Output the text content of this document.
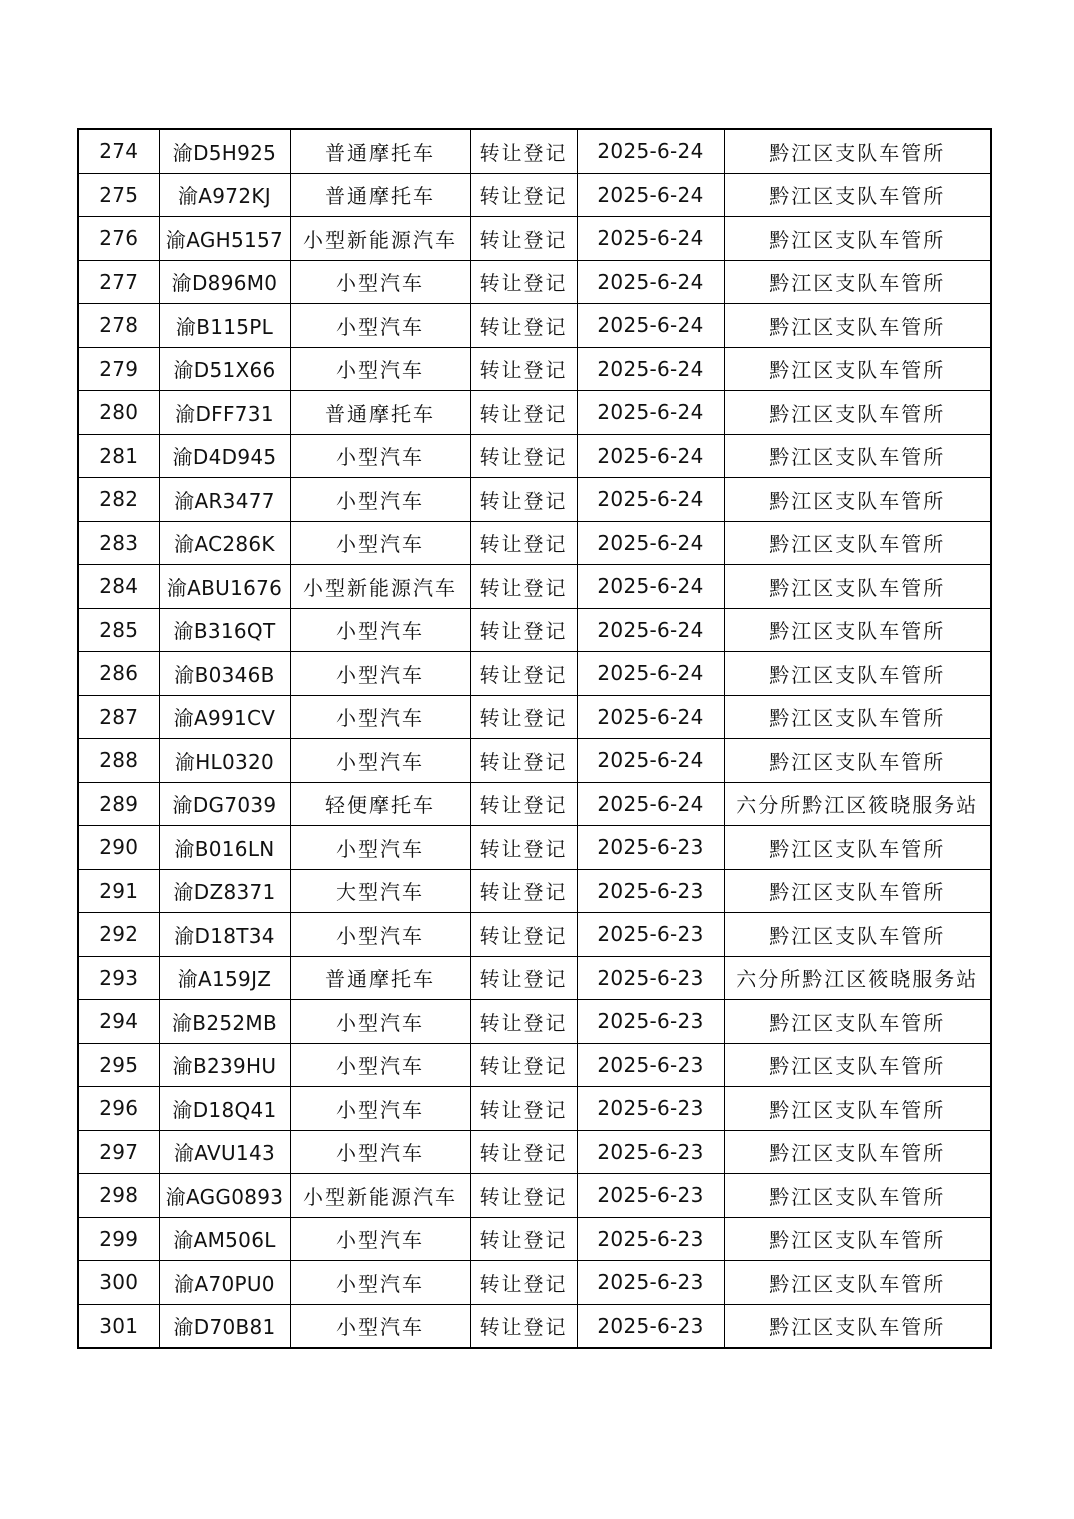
274	渝D5H925	普通摩托车	转让登记	2025-6-24	黔江区支队车管所
275	渝A972KJ	普通摩托车	转让登记	2025-6-24	黔江区支队车管所
276	渝AGH5157	小型新能源汽车	转让登记	2025-6-24	黔江区支队车管所
277	渝D896M0	小型汽车	转让登记	2025-6-24	黔江区支队车管所
278	渝B115PL	小型汽车	转让登记	2025-6-24	黔江区支队车管所
279	渝D51X66	小型汽车	转让登记	2025-6-24	黔江区支队车管所
280	渝DFF731	普通摩托车	转让登记	2025-6-24	黔江区支队车管所
281	渝D4D945	小型汽车	转让登记	2025-6-24	黔江区支队车管所
282	渝AR3477	小型汽车	转让登记	2025-6-24	黔江区支队车管所
283	渝AC286K	小型汽车	转让登记	2025-6-24	黔江区支队车管所
284	渝ABU1676	小型新能源汽车	转让登记	2025-6-24	黔江区支队车管所
285	渝B316QT	小型汽车	转让登记	2025-6-24	黔江区支队车管所
286	渝B0346B	小型汽车	转让登记	2025-6-24	黔江区支队车管所
287	渝A991CV	小型汽车	转让登记	2025-6-24	黔江区支队车管所
288	渝HL0320	小型汽车	转让登记	2025-6-24	黔江区支队车管所
289	渝DG7039	轻便摩托车	转让登记	2025-6-24	六分所黔江区筱晓服务站
290	渝B016LN	小型汽车	转让登记	2025-6-23	黔江区支队车管所
291	渝DZ8371	大型汽车	转让登记	2025-6-23	黔江区支队车管所
292	渝D18T34	小型汽车	转让登记	2025-6-23	黔江区支队车管所
293	渝A159JZ	普通摩托车	转让登记	2025-6-23	六分所黔江区筱晓服务站
294	渝B252MB	小型汽车	转让登记	2025-6-23	黔江区支队车管所
295	渝B239HU	小型汽车	转让登记	2025-6-23	黔江区支队车管所
296	渝D18Q41	小型汽车	转让登记	2025-6-23	黔江区支队车管所
297	渝AVU143	小型汽车	转让登记	2025-6-23	黔江区支队车管所
298	渝AGG0893	小型新能源汽车	转让登记	2025-6-23	黔江区支队车管所
299	渝AM506L	小型汽车	转让登记	2025-6-23	黔江区支队车管所
300	渝A70PU0	小型汽车	转让登记	2025-6-23	黔江区支队车管所
301	渝D70B81	小型汽车	转让登记	2025-6-23	黔江区支队车管所
